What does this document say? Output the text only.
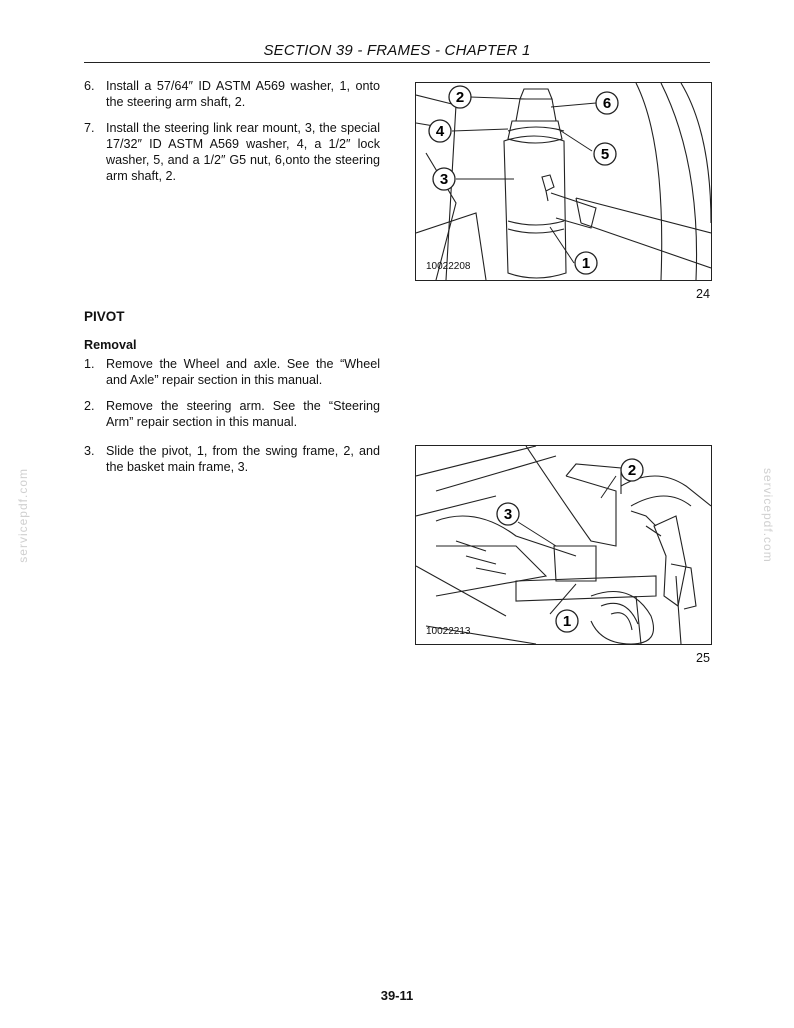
SECTION 39 - FRAMES - CHAPTER 1
6. Install a 57/64″ ID ASTM A569 washer, 1, onto the steering arm shaft, 2.
7. Install the steering link rear mount, 3, the special 17/32″ ID ASTM A569 washer, 4, a 1/2″ lock washer, 5, and a 1/2″ G5 nut, 6,onto the steering arm shaft, 2.
PIVOT
Removal
1. Remove the Wheel and axle. See the “Wheel and Axle” repair section in this manual.
2. Remove the steering arm. See the “Steering Arm” repair section in this manual.
3. Slide the pivot, 1, from the swing frame, 2, and the basket main frame, 3.
2	6
4
5
3
1
10022208
24
2
3
1
10022213
25
servicepdf.com	servicepdf.com
39-11
